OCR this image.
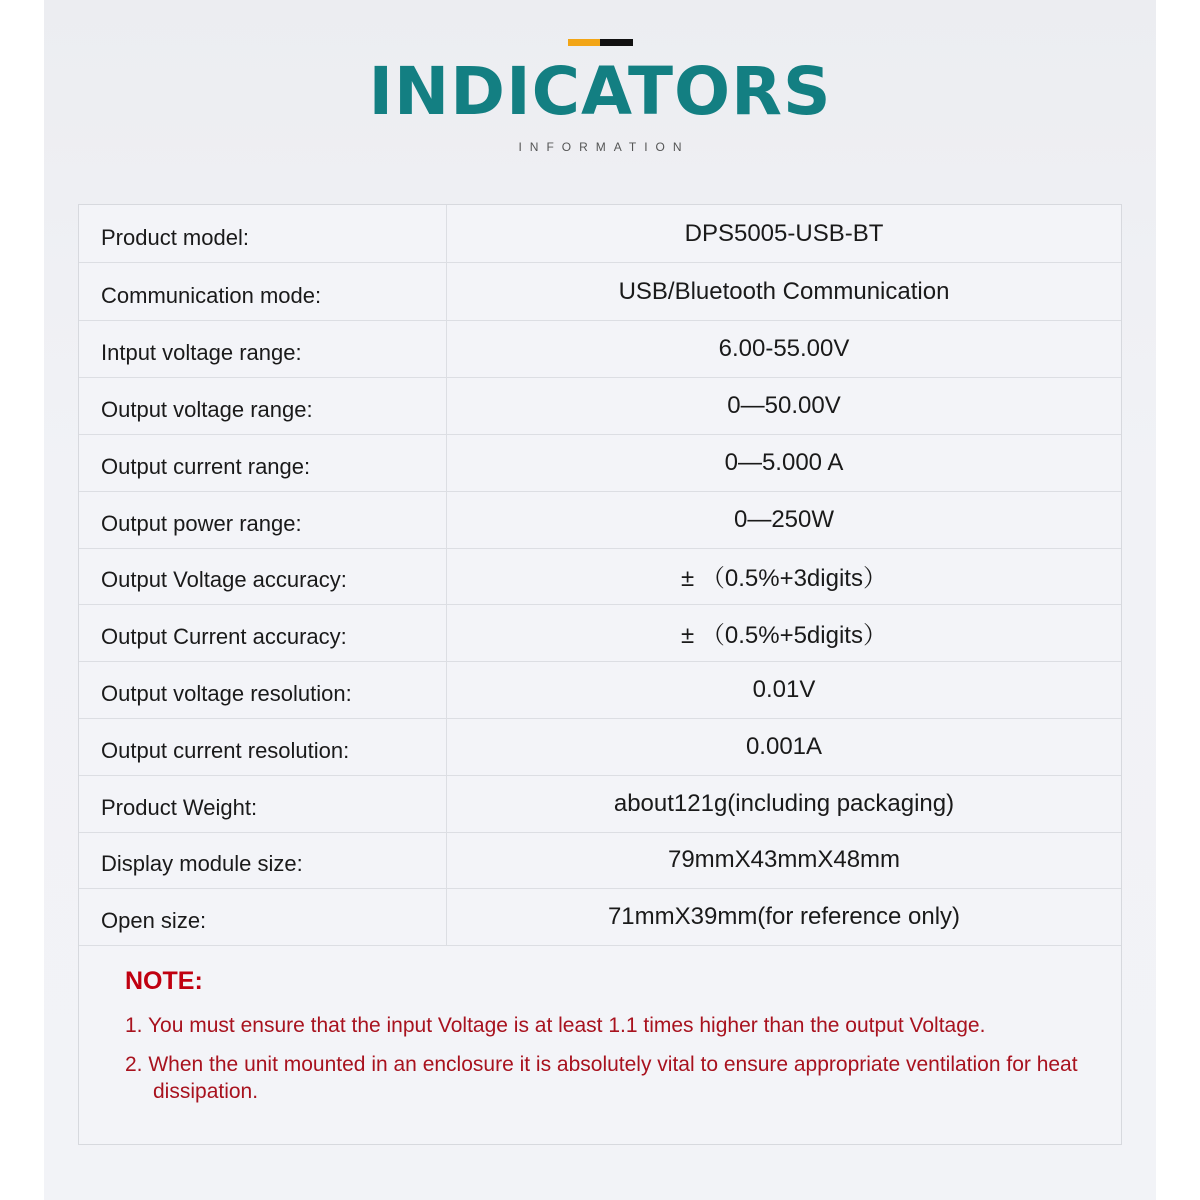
INDICATORS
INFORMATION
Product model:	DPS5005-USB-BT
Communication mode:	USB/Bluetooth Communication
Intput voltage range:	6.00-55.00V
Output voltage range:	0—50.00V
Output current range:	0—5.000 A
Output power range:	0—250W
Output Voltage accuracy:	± （0.5%+3digits）
Output Current accuracy:	± （0.5%+5digits）
Output voltage resolution:	0.01V
Output current resolution:	0.001A
Product Weight:	about121g(including packaging)
Display module size:	79mmX43mmX48mm
Open size:	71mmX39mm(for reference only)
NOTE:
1. You must ensure that the input Voltage is at least 1.1 times higher than the output Voltage.
2. When the unit mounted in an enclosure it is absolutely vital to ensure appropriate ventilation for heat dissipation.
